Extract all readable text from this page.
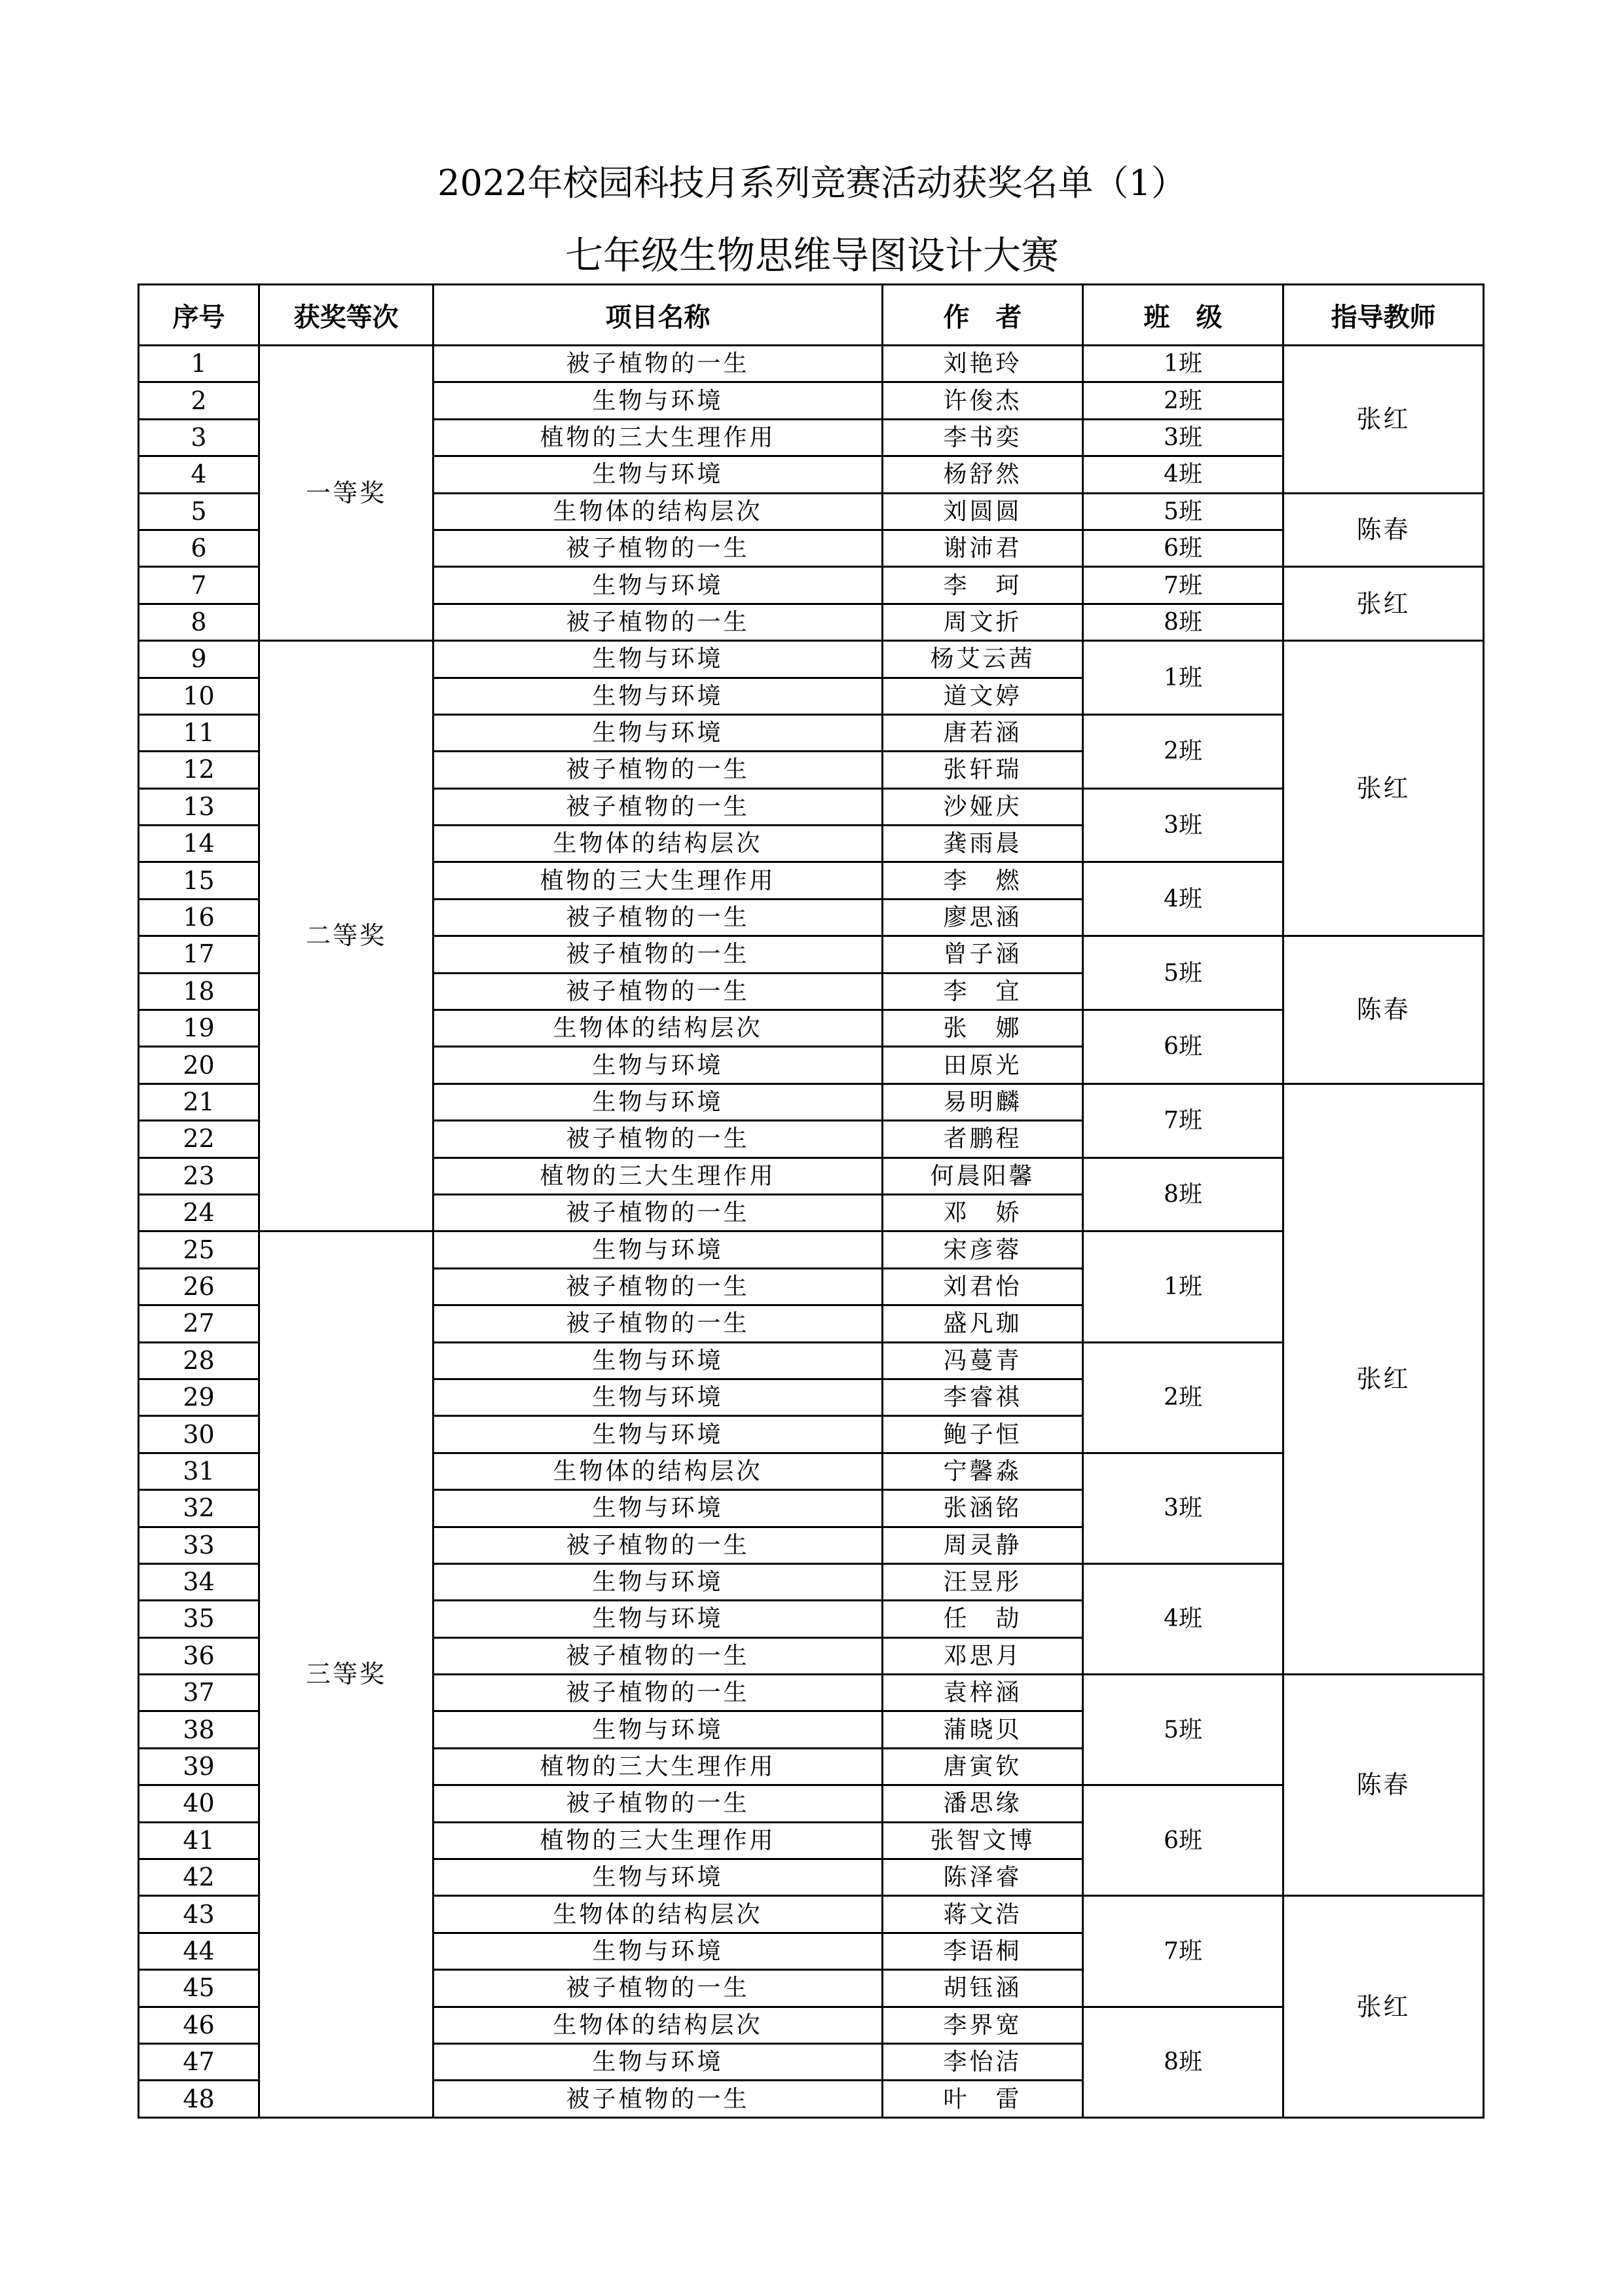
2022年校园科技月系列竞赛活动获奖名单（1）
七年级生物思维导图设计大赛
序号	获奖等次	项目名称	作　者	班　级	指导教师
1	一等奖	被子植物的一生	刘艳玲	1班	张红
2		生物与环境	许俊杰	2班	
3		植物的三大生理作用	李书奕	3班	
4		生物与环境	杨舒然	4班	
5		生物体的结构层次	刘圆圆	5班	陈春
6		被子植物的一生	谢沛君	6班	
7		生物与环境	李　珂	7班	张红
8		被子植物的一生	周文折	8班	
9	二等奖	生物与环境	杨艾云茜	1班	张红
10		生物与环境	道文婷		
11		生物与环境	唐若涵	2班	
12		被子植物的一生	张轩瑞		
13		被子植物的一生	沙娅庆	3班	
14		生物体的结构层次	龚雨晨		
15		植物的三大生理作用	李　燃	4班	
16		被子植物的一生	廖思涵		
17		被子植物的一生	曾子涵	5班	陈春
18		被子植物的一生	李　宜		
19		生物体的结构层次	张　娜	6班	
20		生物与环境	田原光		
21		生物与环境	易明麟	7班	张红
22		被子植物的一生	者鹏程		
23		植物的三大生理作用	何晨阳馨	8班	
24		被子植物的一生	邓　娇		
25	三等奖	生物与环境	宋彦蓉	1班	
26		被子植物的一生	刘君怡		
27		被子植物的一生	盛凡珈		
28		生物与环境	冯蔓青	2班	
29		生物与环境	李睿祺		
30		生物与环境	鲍子恒		
31		生物体的结构层次	宁馨淼	3班	
32		生物与环境	张涵铭		
33		被子植物的一生	周灵静		
34		生物与环境	汪昱彤	4班	
35		生物与环境	任　劼		
36		被子植物的一生	邓思月		
37		被子植物的一生	袁梓涵	5班	陈春
38		生物与环境	蒲晓贝		
39		植物的三大生理作用	唐寅钦		
40		被子植物的一生	潘思缘	6班	
41		植物的三大生理作用	张智文博		
42		生物与环境	陈泽睿		
43		生物体的结构层次	蒋文浩	7班	张红
44		生物与环境	李语桐		
45		被子植物的一生	胡钰涵		
46		生物体的结构层次	李界宽	8班	
47		生物与环境	李怡洁		
48		被子植物的一生	叶　雷		
